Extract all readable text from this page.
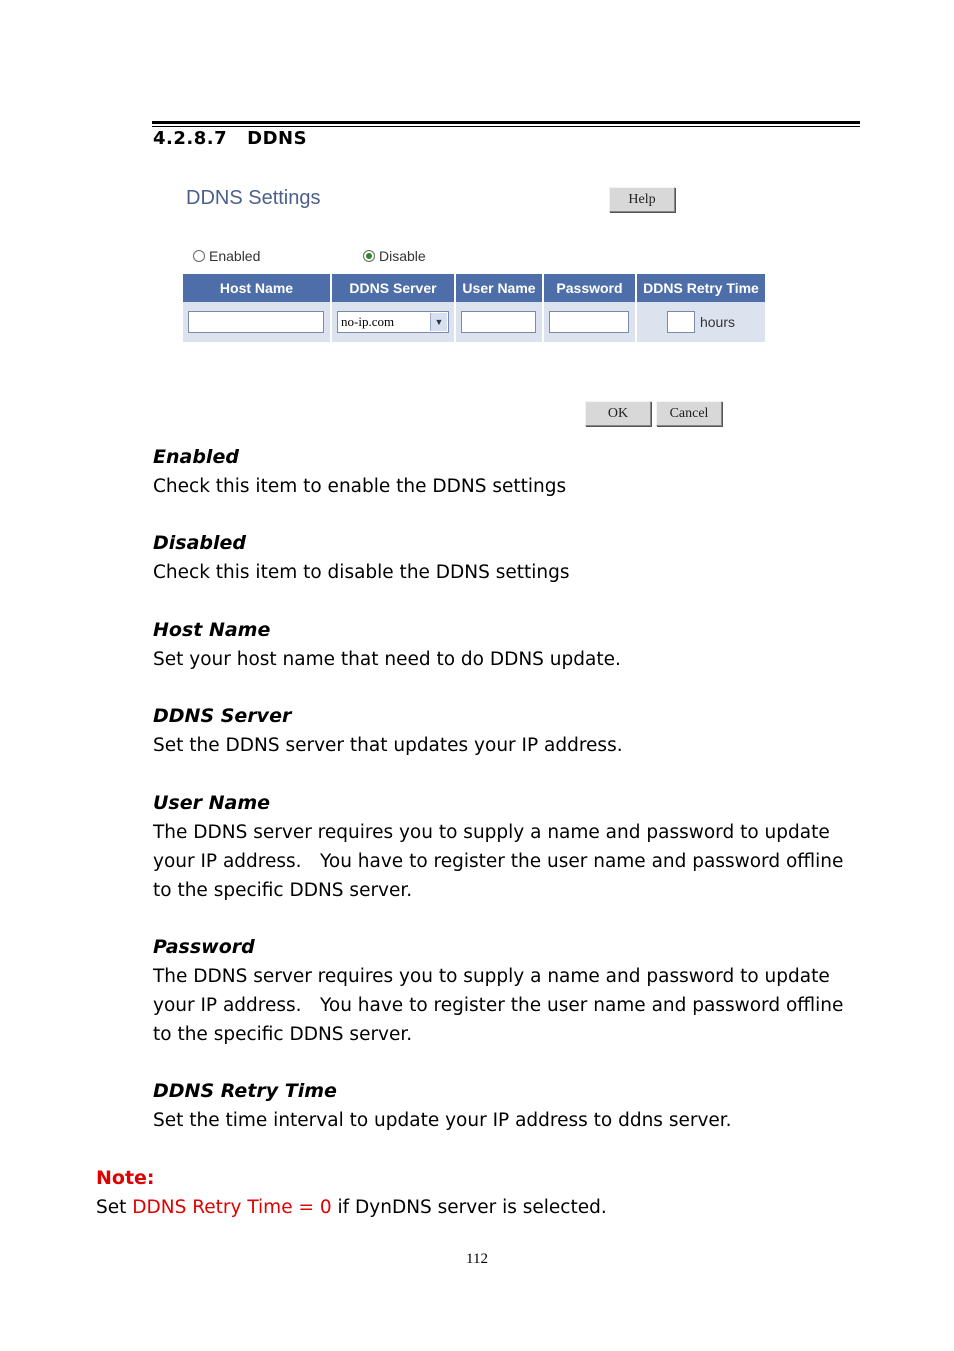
4.2.8.7 DDNS
DDNS Settings	Help
Enabled	Disable
Host Name	DDNS Server	User Name	Password	DDNS Retry Time

	no-ip.com ▼			hours
OK	Cancel
Enabled

Check this item to enable the DDNS settings

Disabled

Check this item to disable the DDNS settings

Host Name

Set your host name that need to do DDNS update.

DDNS Server

Set the DDNS server that updates your IP address.

User Name

The DDNS server requires you to supply a name and password to update

your IP address.　You have to register the user name and password offline

to the specific DDNS server.

Password

The DDNS server requires you to supply a name and password to update

your IP address.　You have to register the user name and password offline

to the specific DDNS server.

DDNS Retry Time

Set the time interval to update your IP address to ddns server.

Note:

Set DDNS Retry Time = 0 if DynDNS server is selected.

112
